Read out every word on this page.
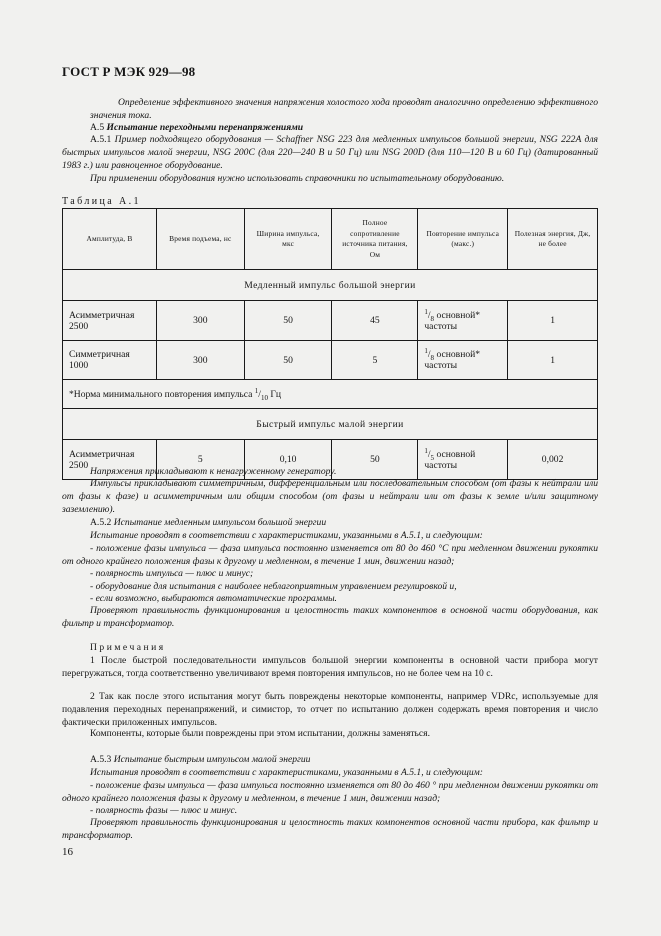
ГОСТ Р МЭК 929—98
Определение эффективного значения напряжения холостого хода проводят аналогично определению эффективного значения тока.
А.5 Испытание переходными перенапряжениями
А.5.1 Пример подходящего оборудования — Schaffner NSG 223 для медленных импульсов большой энергии, NSG 222A для быстрых импульсов малой энергии, NSG 200C (для 220—240 В и 50 Гц) или NSG 200D (для 110—120 В и 60 Гц) (датированный 1983 г.) или равноценное оборудование.
При применении оборудования нужно использовать справочники по испытательному оборудованию.
Таблица А.1
Амплитуда, В	Время подъема, нс	Ширина импульса, мкс	Полное сопротивление источника питания, Ом	Повторение импульса (макс.)	Полезная энергия, Дж, не более
Медленный импульс большой энергии					
Асимметричная 2500	300	50	45	$^1/_8$ основной* частоты	1
Симметричная 1000	300	50	5	$^1/_8$ основной* частоты	1
*Норма минимального повторения импульса $^1/_{10}$ Гц					
Быстрый импульс малой энергии					
Асимметричная 2500	5	0,10	50	$^1/_5$ основной частоты	0,002
Напряжения прикладывают к ненагруженному генератору.
Импульсы прикладывают симметричным, дифференциальным или последовательным способом (от фазы к нейтрали или от фазы к фазе) и асимметричным или общим способом (от фазы и нейтрали или от фазы к земле и/или защитному заземлению).
А.5.2 Испытание медленным импульсом большой энергии
Испытание проводят в соответствии с характеристиками, указанными в А.5.1, и следующим:
- положение фазы импульса — фаза импульса постоянно изменяется от 80 до 460 °С при медленном движении рукоятки от одного крайнего положения фазы к другому и медленном, в течение 1 мин, движении назад;
- полярность импульса — плюс и минус;
- оборудование для испытания с наиболее неблагоприятным управлением регулировкой и,
- если возможно, выбираются автоматические программы.
Проверяют правильность функционирования и целостность таких компонентов в основной части оборудования, как фильтр и трансформатор.
Примечания
1 После быстрой последовательности импульсов большой энергии компоненты в основной части прибора могут перегружаться, тогда соответственно увеличивают время повторения импульсов, но не более чем на 10 с.
2 Так как после этого испытания могут быть повреждены некоторые компоненты, например VDRс, используемые для подавления переходных перенапряжений, и симистор, то отчет по испытанию должен содержать время повторения и число фактически приложенных импульсов.
Компоненты, которые были повреждены при этом испытании, должны заменяться.
А.5.3 Испытание быстрым импульсом малой энергии
Испытания проводят в соответствии с характеристиками, указанными в А.5.1, и следующим:
- положение фазы импульса — фаза импульса постоянно изменяется от 80 до 460 ° при медленном движении рукоятки от одного крайнего положения фазы к другому и медленном, в течение 1 мин, движении назад;
- полярность фазы — плюс и минус.
Проверяют правильность функционирования и целостность таких компонентов основной части прибора, как фильтр и трансформатор.
16
